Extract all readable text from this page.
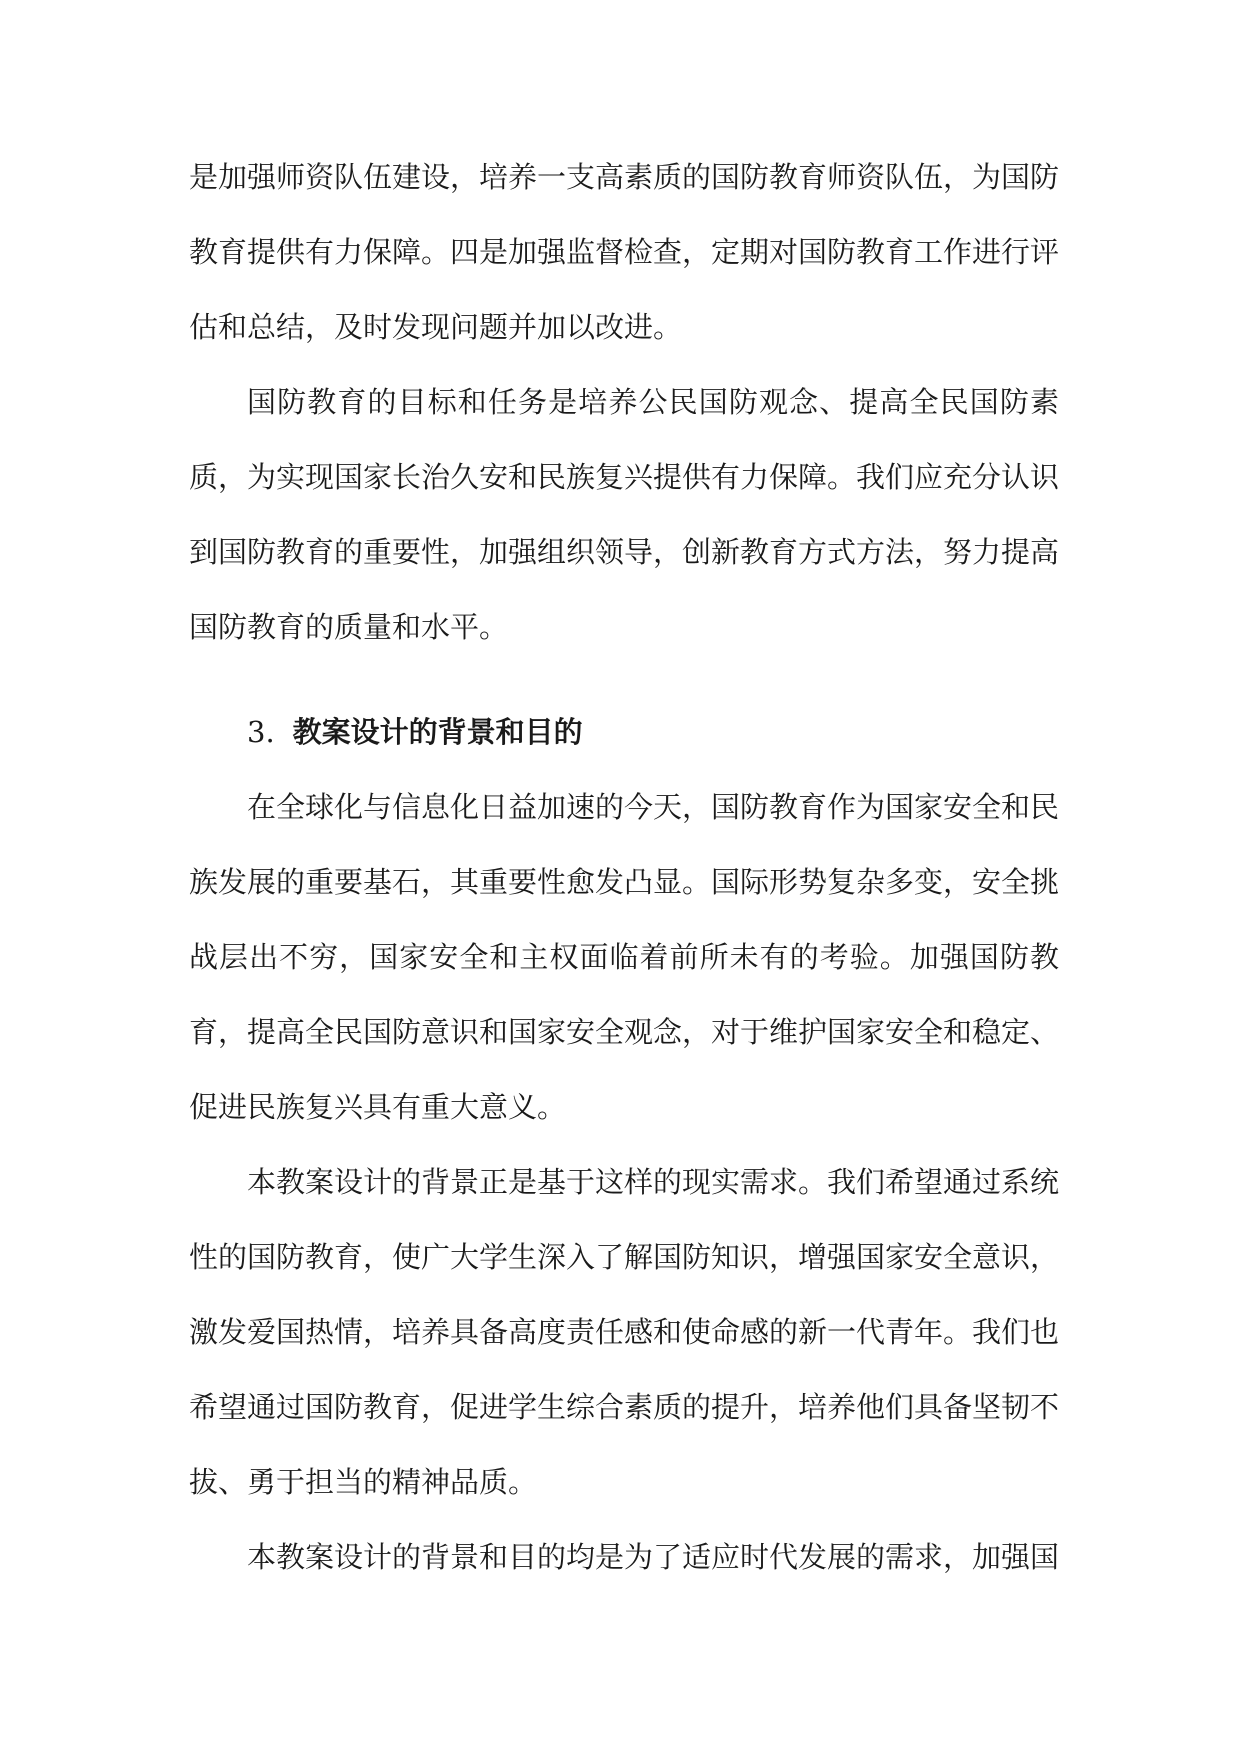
是加强师资队伍建设，培养一支高素质的国防教育师资队伍，为国防教育提供有力保障。四是加强监督检查，定期对国防教育工作进行评估和总结，及时发现问题并加以改进。

国防教育的目标和任务是培养公民国防观念、提高全民国防素质，为实现国家长治久安和民族复兴提供有力保障。我们应充分认识到国防教育的重要性，加强组织领导，创新教育方式方法，努力提高国防教育的质量和水平。

3. 教案设计的背景和目的

在全球化与信息化日益加速的今天，国防教育作为国家安全和民族发展的重要基石，其重要性愈发凸显。国际形势复杂多变，安全挑战层出不穷，国家安全和主权面临着前所未有的考验。加强国防教育，提高全民国防意识和国家安全观念，对于维护国家安全和稳定、促进民族复兴具有重大意义。

本教案设计的背景正是基于这样的现实需求。我们希望通过系统性的国防教育，使广大学生深入了解国防知识，增强国家安全意识，激发爱国热情，培养具备高度责任感和使命感的新一代青年。我们也希望通过国防教育，促进学生综合素质的提升，培养他们具备坚韧不拔、勇于担当的精神品质。

本教案设计的背景和目的均是为了适应时代发展的需求，加强国
